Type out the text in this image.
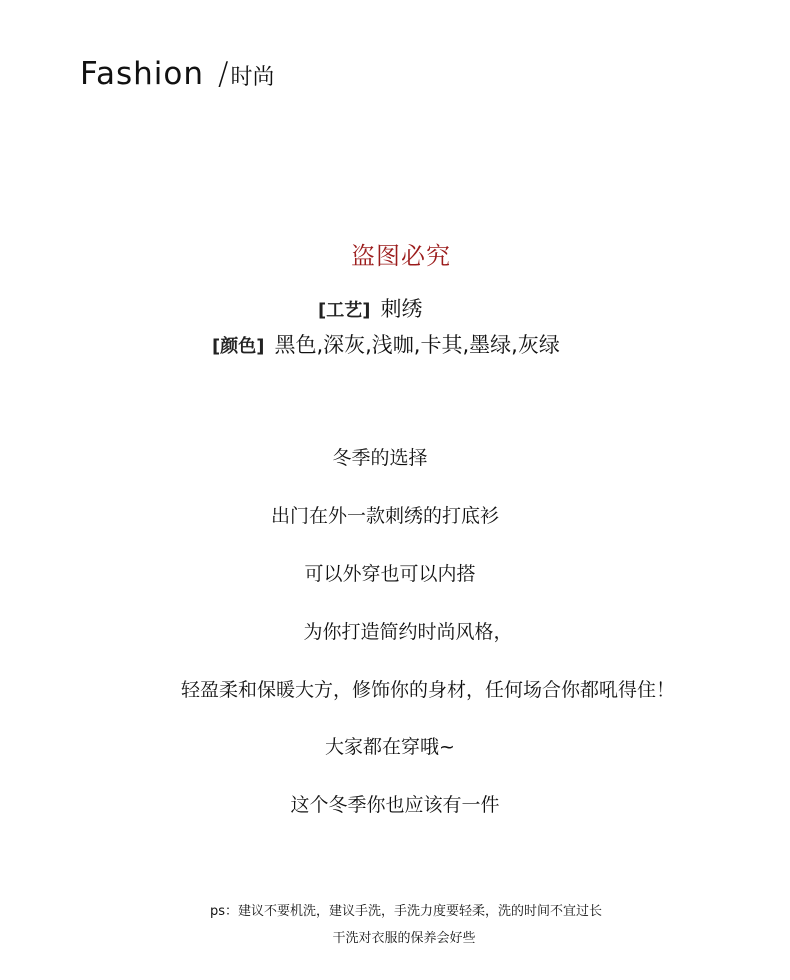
Fashion /时尚
盗图必究
[工艺] 刺绣
[颜色] 黑色,深灰,浅咖,卡其,墨绿,灰绿
冬季的选择
出门在外一款刺绣的打底衫
可以外穿也可以内搭
为你打造简约时尚风格，
轻盈柔和保暖大方，修饰你的身材，任何场合你都吼得住！
大家都在穿哦~
这个冬季你也应该有一件
ps：建议不要机洗，建议手洗，手洗力度要轻柔，洗的时间不宜过长
干洗对衣服的保养会好些
